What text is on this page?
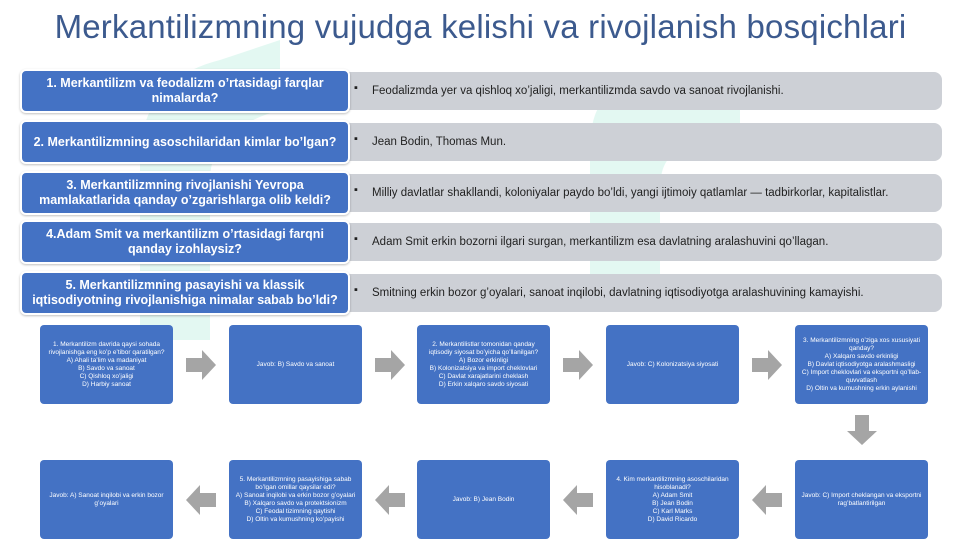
Merkantilizmning vujudga kelishi va rivojlanish bosqichlari
▪ Feodalizmda yer va qishloq xo’jaligi, merkantilizmda savdo va sanoat rivojlanishi.
1. Merkantilizm va feodalizm o’rtasidagi farqlar nimalarda?
▪ Jean Bodin, Thomas Mun.
2. Merkantilizmning asoschilaridan kimlar bo’lgan?
▪ Milliy davlatlar shakllandi, koloniyalar paydo bo’ldi, yangi ijtimoiy qatlamlar — tadbirkorlar, kapitalistlar.
3. Merkantilizmning rivojlanishi Yevropa mamlakatlarida qanday o’zgarishlarga olib keldi?
▪ Adam Smit erkin bozorni ilgari surgan, merkantilizm esa davlatning aralashuvini qo’llagan.
4.Adam Smit va merkantilizm o’rtasidagi farqni qanday izohlaysiz?
▪ Smitning erkin bozor g’oyalari, sanoat inqilobi, davlatning iqtisodiyotga aralashuvining kamayishi.
5. Merkantilizmning pasayishi va klassik iqtisodiyotning rivojlanishiga nimalar sabab bo’ldi?
1. Merkantilizm davrida qaysi sohada rivojlanishga eng ko’p e’tibor qaratilgan?
A) Ahali ta’lim va madaniyat
B) Savdo va sanoat
C) Qishloq xo’jaligi
D) Harbiy sanoat
Javob: B) Savdo va sanoat
2. Merkantilistlar tomonidan qanday iqtisodiy siyosat bo’yicha qo’llanilgan?
A) Bozor erkinligi
B) Kolonizatsiya va import cheklovlari
C) Davlat xarajatlarini cheklash
D) Erkin xalqaro savdo siyosati
Javob: C) Kolonizatsiya siyosati
3. Merkantilizmning o’ziga xos xususiyati qanday?
A) Xalqaro savdo erkinligi
B) Davlat iqtisodiyotga aralashmasligi
C) Import cheklovlari va eksportni qo’llab-quvvatlash
D) Oltin va kumushning erkin aylanishi
Javob: C) Import cheklangan va eksportni rag’batlantirilgan
4. Kim merkantilizmning asoschilaridan hisoblanadi?
A) Adam Smit
B) Jean Bodin
C) Karl Marks
D) David Ricardo
Javob: B) Jean Bodin
5. Merkantilizmning pasayishiga sabab bo’lgan omillar qaysilar edi?
A) Sanoat inqilobi va erkin bozor g’oyalari
B) Xalqaro savdo va protektsionizm
C) Feodal tizimning qaytishi
D) Oltin va kumushning ko’payishi
Javob: A) Sanoat inqilobi va erkin bozor g’oyalari
